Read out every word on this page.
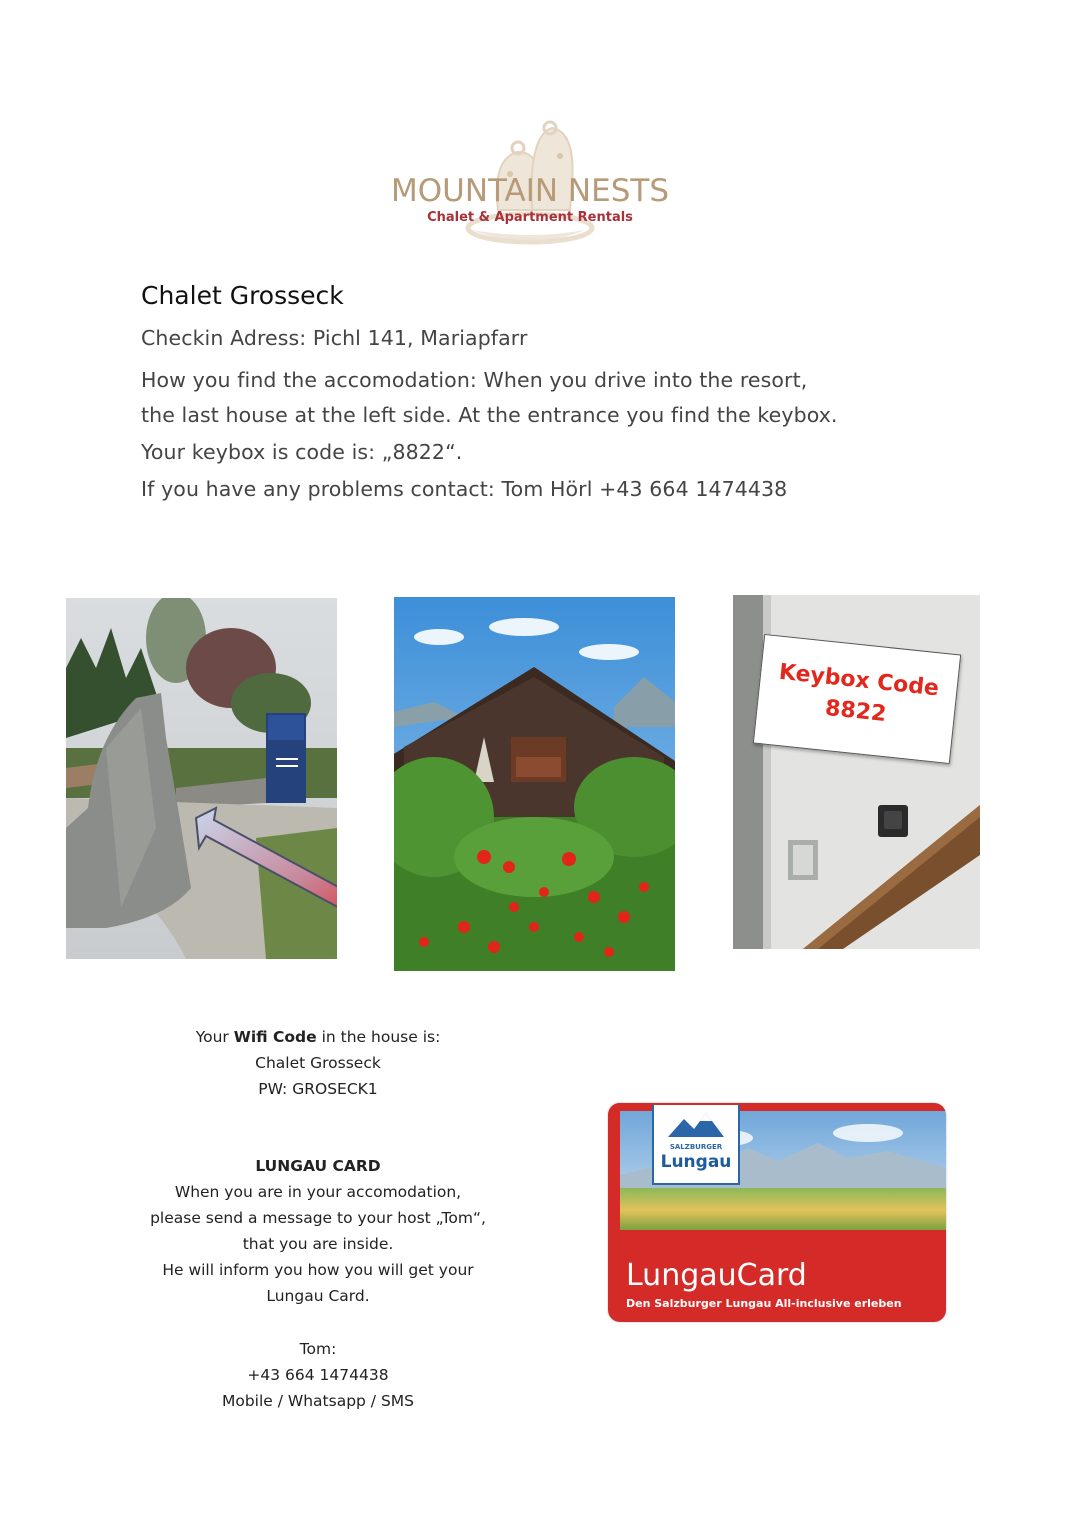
MOUNTAIN NESTS
Chalet & Apartment Rentals
Chalet Grosseck
Checkin Adress: Pichl 141, Mariapfarr
How you find the accomodation: When you drive into the resort,
the last house at the left side. At the entrance you find the keybox.
Your keybox is code is: „8822“.
If you have any problems contact: Tom Hörl +43 664 1474438
Keybox Code
8822
Your Wifi Code in the house is:
Chalet Grosseck
PW: GROSECK1
LUNGAU CARD
When you are in your accomodation,
please send a message to your host „Tom“,
that you are inside.
He will inform you how you will get your
Lungau Card.
Tom:
+43 664 1474438
Mobile / Whatsapp / SMS
SALZBURGER
Lungau
LungauCard
Den Salzburger Lungau All-inclusive erleben
